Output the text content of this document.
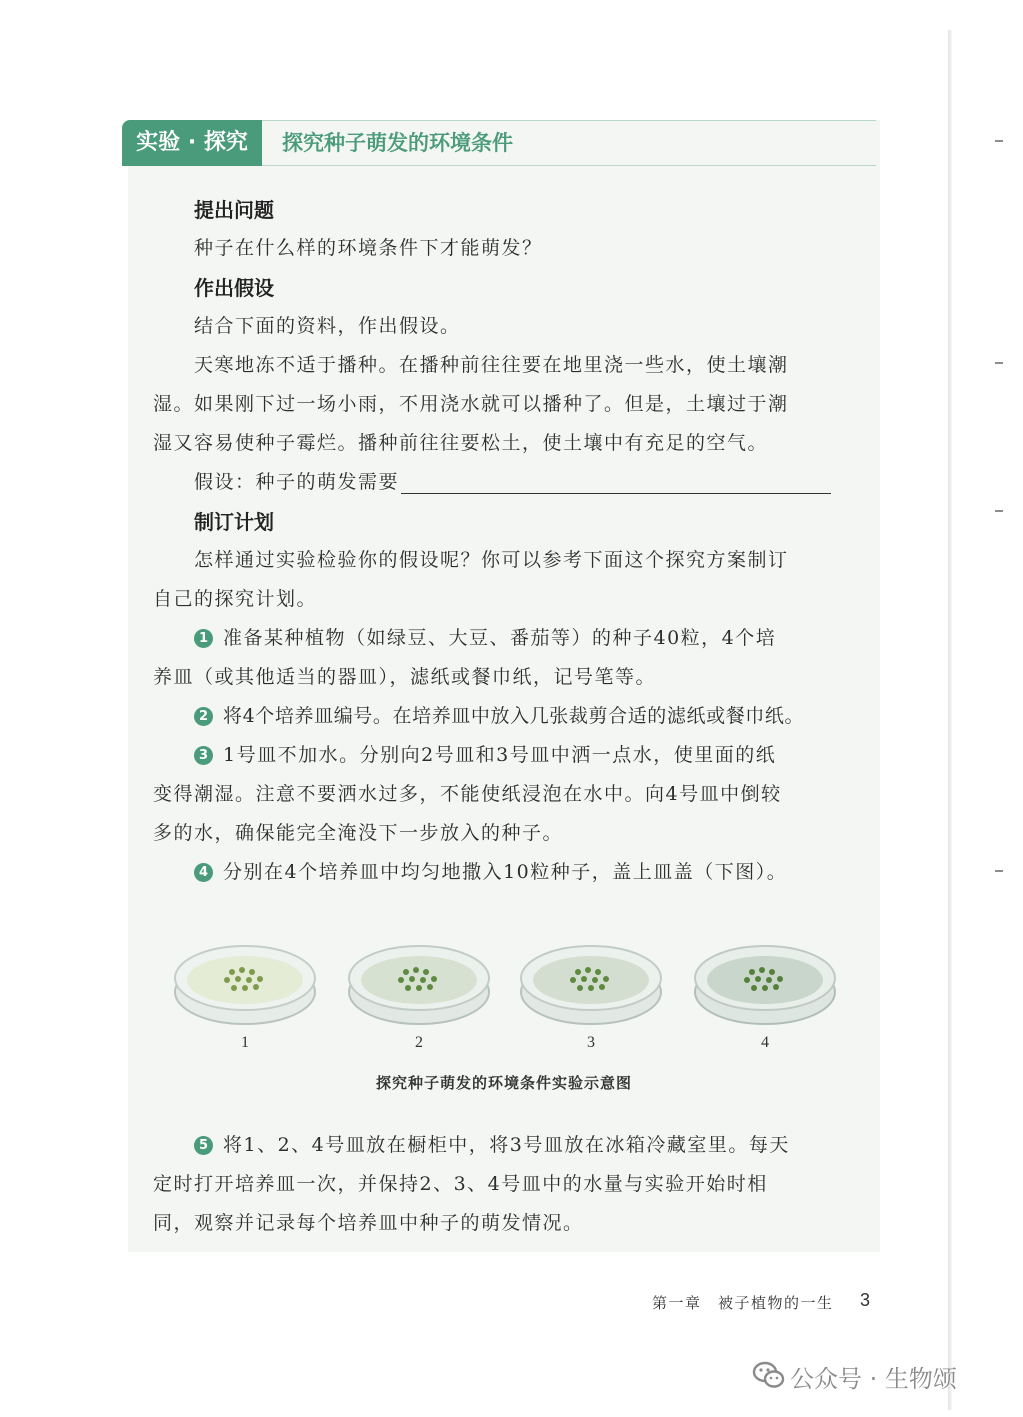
实验 · 探究	探究种子萌发的环境条件
提出问题
种子在什么样的环境条件下才能萌发？
作出假设
结合下面的资料，作出假设。
天寒地冻不适于播种。在播种前往往要在地里浇一些水，使土壤潮
湿。如果刚下过一场小雨，不用浇水就可以播种了。但是，土壤过于潮
湿又容易使种子霉烂。播种前往往要松土，使土壤中有充足的空气。
假设：种子的萌发需要
制订计划
怎样通过实验检验你的假设呢？你可以参考下面这个探究方案制订
自己的探究计划。
1 准备某种植物（如绿豆、大豆、番茄等）的种子40粒，4个培
养皿（或其他适当的器皿），滤纸或餐巾纸，记号笔等。
2 将4个培养皿编号。在培养皿中放入几张裁剪合适的滤纸或餐巾纸。
3 1号皿不加水。分别向2号皿和3号皿中洒一点水，使里面的纸
变得潮湿。注意不要洒水过多，不能使纸浸泡在水中。向4号皿中倒较
多的水，确保能完全淹没下一步放入的种子。
4 分别在4个培养皿中均匀地撒入10粒种子，盖上皿盖（下图）。
1	2	3	4
探究种子萌发的环境条件实验示意图
5 将1、2、4号皿放在橱柜中，将3号皿放在冰箱冷藏室里。每天
定时打开培养皿一次，并保持2、3、4号皿中的水量与实验开始时相
同，观察并记录每个培养皿中种子的萌发情况。
第一章　被子植物的一生 3
公众号 · 生物颂
